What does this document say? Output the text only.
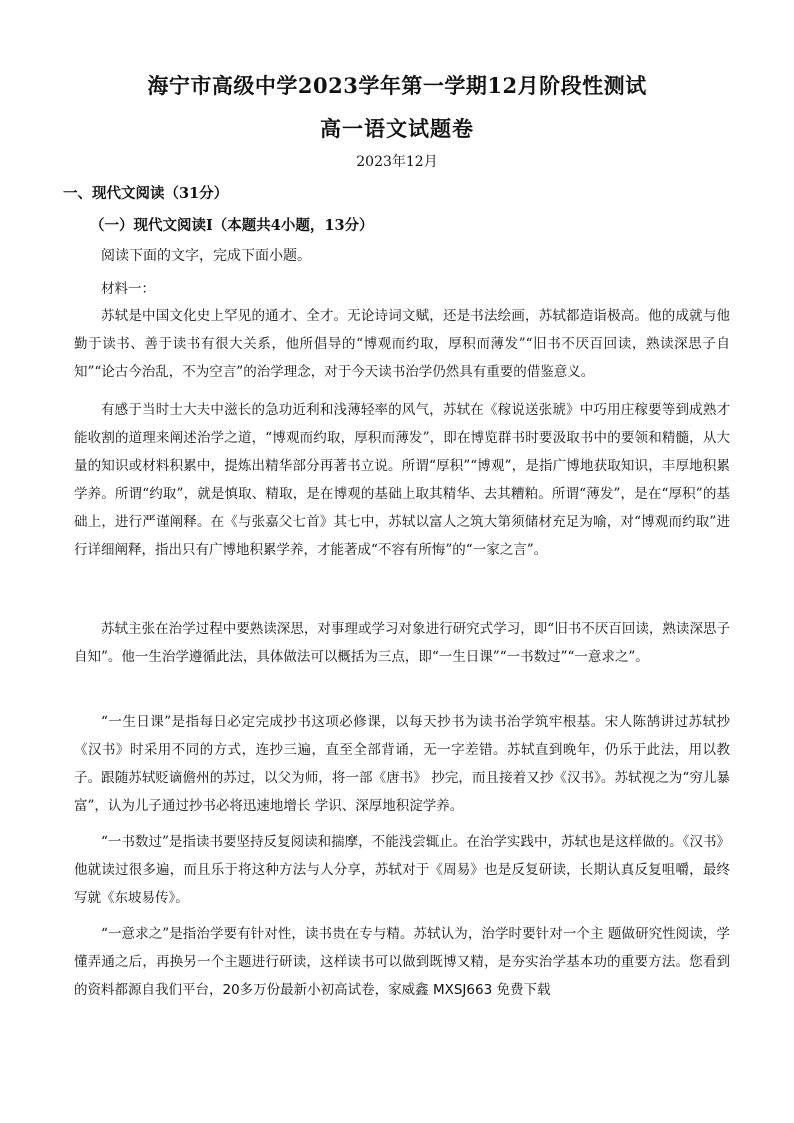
海宁市高级中学2023学年第一学期12月阶段性测试
高一语文试题卷
2023年12月
一、现代文阅读（31分）
（一）现代文阅读Ⅰ（本题共4小题，13分）
阅读下面的文字，完成下面小题。
材料一：

苏轼是中国文化史上罕见的通才、全才。无论诗词文赋，还是书法绘画，苏轼都造诣极高。他的成就与他勤于读书、善于读书有很大关系，他所倡导的“博观而约取，厚积而薄发”“旧书不厌百回读，熟读深思子自知”“论古今治乱，不为空言”的治学理念，对于今天读书治学仍然具有重要的借鉴意义。

有感于当时士大夫中滋长的急功近利和浅薄轻率的风气，苏轼在《稼说送张琥》中巧用庄稼要等到成熟才能收割的道理来阐述治学之道，“博观而约取，厚积而薄发”，即在博览群书时要汲取书中的要领和精髓，从大量的知识或材料积累中，提炼出精华部分再著书立说。所谓“厚积”“博观”，是指广博地获取知识，丰厚地积累学养。所谓“约取”，就是慎取、精取，是在博观的基础上取其精华、去其糟粕。所谓“薄发”，是在“厚积”的基础上，进行严谨阐释。在《与张嘉父七首》其七中，苏轼以富人之筑大第须储材充足为喻，对“博观而约取”进行详细阐释，指出只有广博地积累学养，才能著成“不容有所悔”的“一家之言”。

苏轼主张在治学过程中要熟读深思，对事理或学习对象进行研究式学习，即“旧书不厌百回读，熟读深思子自知”。他一生治学遵循此法，具体做法可以概括为三点，即“一生日课”“一书数过”“一意求之”。

“一生日课”是指每日必定完成抄书这项必修课，以每天抄书为读书治学筑牢根基。宋人陈鹄讲过苏轼抄《汉书》时采用不同的方式，连抄三遍，直至全部背诵，无一字差错。苏轼直到晚年，仍乐于此法，用以教子。跟随苏轼贬谪儋州的苏过，以父为师，将一部《唐书》 抄完，而且接着又抄《汉书》。苏轼视之为“穷儿暴富”，认为儿子通过抄书必将迅速地增长 学识、深厚地积淀学养。

“一书数过”是指读书要坚持反复阅读和揣摩，不能浅尝辄止。在治学实践中，苏轼也是这样做的。《汉书》他就读过很多遍，而且乐于将这种方法与人分享，苏轼对于《周易》也是反复研读，长期认真反复咀嚼，最终写就《东坡易传》。

“一意求之”是指治学要有针对性，读书贵在专与精。苏轼认为，治学时要针对一个主 题做研究性阅读，学懂弄通之后，再换另一个主题进行研读，这样读书可以做到既博又精，是夯实治学基本功的重要方法。您看到的资料都源自我们平台，20多万份最新小初高试卷，家威鑫 MXSJ663 免费下载
